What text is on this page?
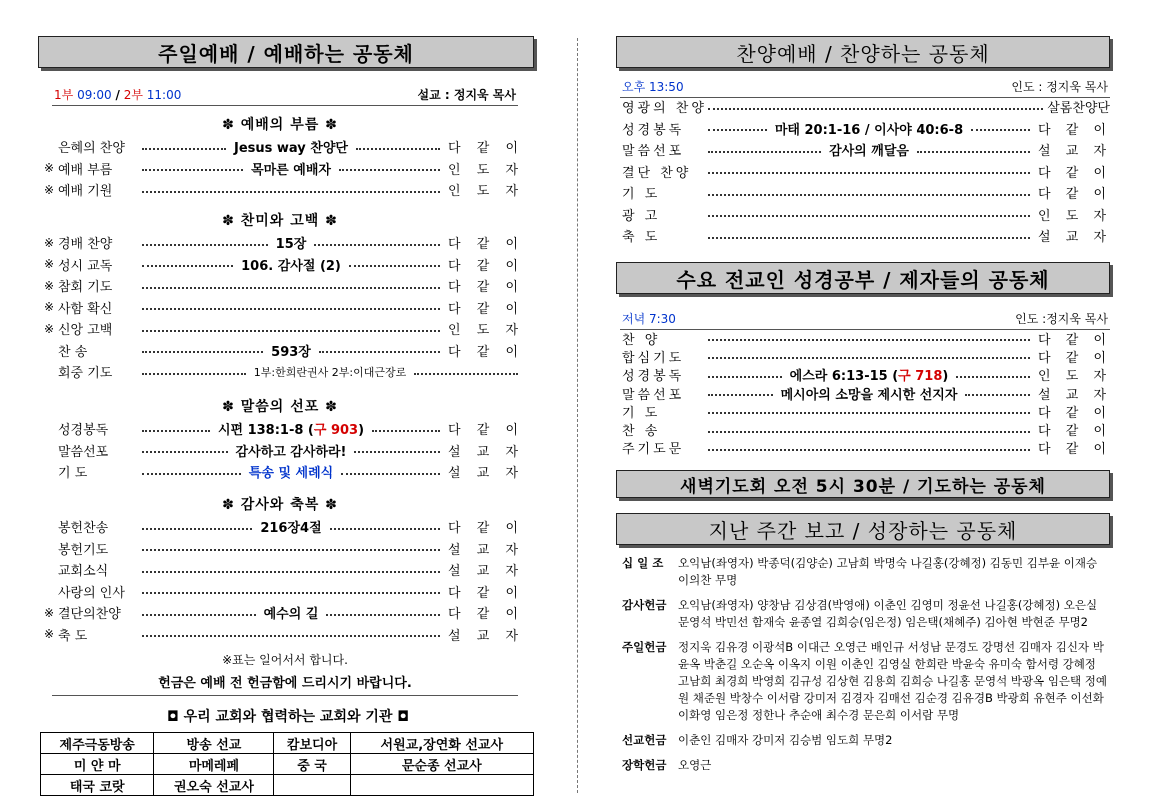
주일예배 / 예배하는 공동체
1부 09:00 / 2부 11:00	설교 : 정지욱 목사
✽ 예배의 부름 ✽
은혜의 찬양	Jesus way 찬양단	다 같 이
※ 예배 부름	목마른 예배자	인 도 자
※ 예배 기원	인 도 자
✽ 찬미와 고백 ✽
※ 경배 찬양	15장	다 같 이
※ 성시 교독	106. 감사절 (2)	다 같 이
※ 참회 기도	다 같 이
※ 사함 확신	다 같 이
※ 신앙 고백	인 도 자
찬 송	593장	다 같 이
회중 기도	1부:한희란권사 2부:이대근장로
✽ 말씀의 선포 ✽
성경봉독	시편 138:1-8 (구 903)	다 같 이
말씀선포	감사하고 감사하라!	설 교 자
기 도	특송 및 세례식	설 교 자
✽ 감사와 축복 ✽
봉헌찬송	216장4절	다 같 이
봉헌기도	설 교 자
교회소식	설 교 자
사랑의 인사	다 같 이
※ 결단의찬양	예수의 길	다 같 이
※ 축 도	설 교 자
※표는 일어서서 합니다.
헌금은 예배 전 헌금함에 드리시기 바랍니다.
◘ 우리 교회와 협력하는 교회와 기관 ◘
제주극동방송	방송 선교	캄보디아	서원교,장연화 선교사
미 얀 마	마메레페	중 국	문순종 선교사
태국 코랏	권오숙 선교사		
찬양예배 / 찬양하는 공동체
오후 13:50	인도 : 정지욱 목사
영광의 찬양	살롬찬양단
성경봉독	마태 20:1-16 / 이사야 40:6-8	다 같 이
말씀선포	감사의 깨달음	설 교 자
결단 찬양	다 같 이
기 도	다 같 이
광 고	인 도 자
축 도	설 교 자
수요 전교인 성경공부 / 제자들의 공동체
저녁 7:30	인도 :정지욱 목사
찬 양	다 같 이
합심기도	다 같 이
성경봉독	에스라 6:13-15 (구 718)	인 도 자
말씀선포	메시아의 소망을 제시한 선지자	설 교 자
기 도	다 같 이
찬 송	다 같 이
주기도문	다 같 이
새벽기도회 오전 5시 30분 / 기도하는 공동체
지난 주간 보고 / 성장하는 공동체
십 일 조	오익남(좌영자) 박종덕(김양순) 고남희 박명숙 나길홍(강혜정) 김동민 김부윤 이재승 이의찬 무명
감사헌금	오익남(좌영자) 양창남 김상겸(박영애) 이춘인 김영미 정윤선 나길홍(강혜정) 오은실 문영석 박민선 함재숙 윤종열 김희승(임은정) 임은택(채혜주) 김아현 박현준 무명2
주일헌금	정지욱 김유경 이광석B 이대근 오영근 배인규 서성남 문경도 강명선 김매자 김신자 박윤옥 박춘길 오순옥 이옥지 이원 이춘인 김영실 한희란 박윤숙 유미숙 함서령 강혜정 고남희 최경희 박영희 김규성 김상현 김용희 김희승 나길홍 문영석 박광옥 임은택 정예원 채준원 박창수 이서람 강미저 김경자 김매선 김순경 김유경B 박광희 유현주 이선화 이화영 임은정 정한나 추순애 최수경 문은희 이서람 무명
선교헌금	이춘인 김매자 강미저 김승범 임도희 무명2
장학헌금	오영근
